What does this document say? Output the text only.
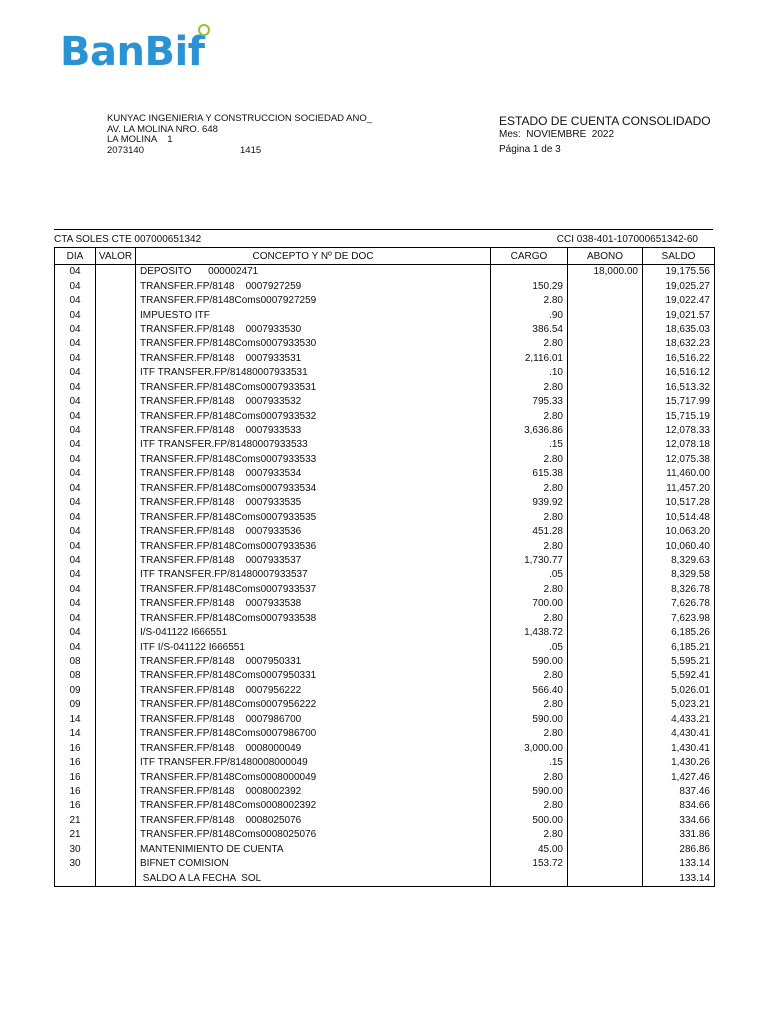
BanBif
KUNYAC INGENIERIA Y CONSTRUCCION SOCIEDAD ANO_
AV. LA MOLINA NRO. 648
LA MOLINA    1
2073140	1415
ESTADO DE CUENTA CONSOLIDADO
Mes:  NOVIEMBRE  2022
Página 1 de 3
CTA SOLES CTE 007000651342	CCI 038-401-107000651342-60
DIA	VALOR	CONCEPTO Y Nº DE DOC	CARGO	ABONO	SALDO
04		DEPOSITO      000002471		18,000.00	19,175.56
04		TRANSFER.FP/8148    0007927259	150.29		19,025.27
04		TRANSFER.FP/8148Coms0007927259	2.80		19,022.47
04		IMPUESTO ITF	.90		19,021.57
04		TRANSFER.FP/8148    0007933530	386.54		18,635.03
04		TRANSFER.FP/8148Coms0007933530	2.80		18,632.23
04		TRANSFER.FP/8148    0007933531	2,116.01		16,516.22
04		ITF TRANSFER.FP/81480007933531	.10		16,516.12
04		TRANSFER.FP/8148Coms0007933531	2.80		16,513.32
04		TRANSFER.FP/8148    0007933532	795.33		15,717.99
04		TRANSFER.FP/8148Coms0007933532	2.80		15,715.19
04		TRANSFER.FP/8148    0007933533	3,636.86		12,078.33
04		ITF TRANSFER.FP/81480007933533	.15		12,078.18
04		TRANSFER.FP/8148Coms0007933533	2.80		12,075.38
04		TRANSFER.FP/8148    0007933534	615.38		11,460.00
04		TRANSFER.FP/8148Coms0007933534	2.80		11,457.20
04		TRANSFER.FP/8148    0007933535	939.92		10,517.28
04		TRANSFER.FP/8148Coms0007933535	2.80		10,514.48
04		TRANSFER.FP/8148    0007933536	451.28		10,063.20
04		TRANSFER.FP/8148Coms0007933536	2.80		10,060.40
04		TRANSFER.FP/8148    0007933537	1,730.77		8,329.63
04		ITF TRANSFER.FP/81480007933537	.05		8,329.58
04		TRANSFER.FP/8148Coms0007933537	2.80		8,326.78
04		TRANSFER.FP/8148    0007933538	700.00		7,626.78
04		TRANSFER.FP/8148Coms0007933538	2.80		7,623.98
04		I/S-041122 I666551	1,438.72		6,185.26
04		ITF I/S-041122 I666551	.05		6,185.21
08		TRANSFER.FP/8148    0007950331	590.00		5,595.21
08		TRANSFER.FP/8148Coms0007950331	2.80		5,592.41
09		TRANSFER.FP/8148    0007956222	566.40		5,026.01
09		TRANSFER.FP/8148Coms0007956222	2.80		5,023.21
14		TRANSFER.FP/8148    0007986700	590.00		4,433.21
14		TRANSFER.FP/8148Coms0007986700	2.80		4,430.41
16		TRANSFER.FP/8148    0008000049	3,000.00		1,430.41
16		ITF TRANSFER.FP/81480008000049	.15		1,430.26
16		TRANSFER.FP/8148Coms0008000049	2.80		1,427.46
16		TRANSFER.FP/8148    0008002392	590.00		837.46
16		TRANSFER.FP/8148Coms0008002392	2.80		834.66
21		TRANSFER.FP/8148    0008025076	500.00		334.66
21		TRANSFER.FP/8148Coms0008025076	2.80		331.86
30		MANTENIMIENTO DE CUENTA	45.00		286.86
30		BIFNET COMISION	153.72		133.14
		SALDO A LA FECHA  SOL			133.14
